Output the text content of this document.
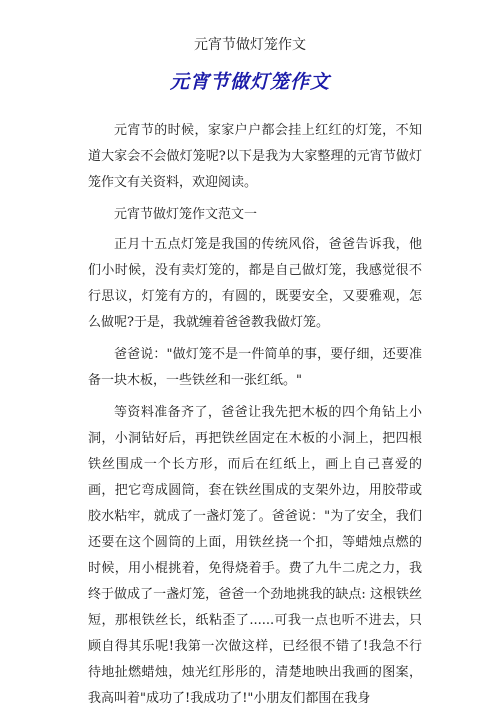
元宵节做灯笼作文
元宵节做灯笼作文

元宵节的时候，家家户户都会挂上红红的灯笼，不知道大家会不会做灯笼呢?以下是我为大家整理的元宵节做灯笼作文有关资料，欢迎阅读。

元宵节做灯笼作文范文一

正月十五点灯笼是我国的传统风俗，爸爸告诉我，他们小时候，没有卖灯笼的，都是自己做灯笼，我感觉很不行思议，灯笼有方的，有圆的，既要安全，又要雅观，怎么做呢?于是，我就缠着爸爸教我做灯笼。

爸爸说："做灯笼不是一件简单的事，要仔细，还要准备一块木板，一些铁丝和一张红纸。"

等资料准备齐了，爸爸让我先把木板的四个角钻上小洞，小洞钻好后，再把铁丝固定在木板的小洞上，把四根铁丝围成一个长方形，而后在红纸上，画上自己喜爱的画，把它弯成圆筒，套在铁丝围成的支架外边，用胶带或胶水粘牢，就成了一盏灯笼了。爸爸说："为了安全，我们还要在这个圆筒的上面，用铁丝挠一个扣，等蜡烛点燃的时候，用小棍挑着，免得烧着手。费了九牛二虎之力，我终于做成了一盏灯笼，爸爸一个劲地挑我的缺点: 这根铁丝短，那根铁丝长，纸粘歪了......可我一点也听不进去，只顾自得其乐呢!我第一次做这样，已经很不错了!我急不行待地扯燃蜡烛，烛光红彤彤的，清楚地映出我画的图案，我高叫着"成功了!我成功了!"小朋友们都围在我身
